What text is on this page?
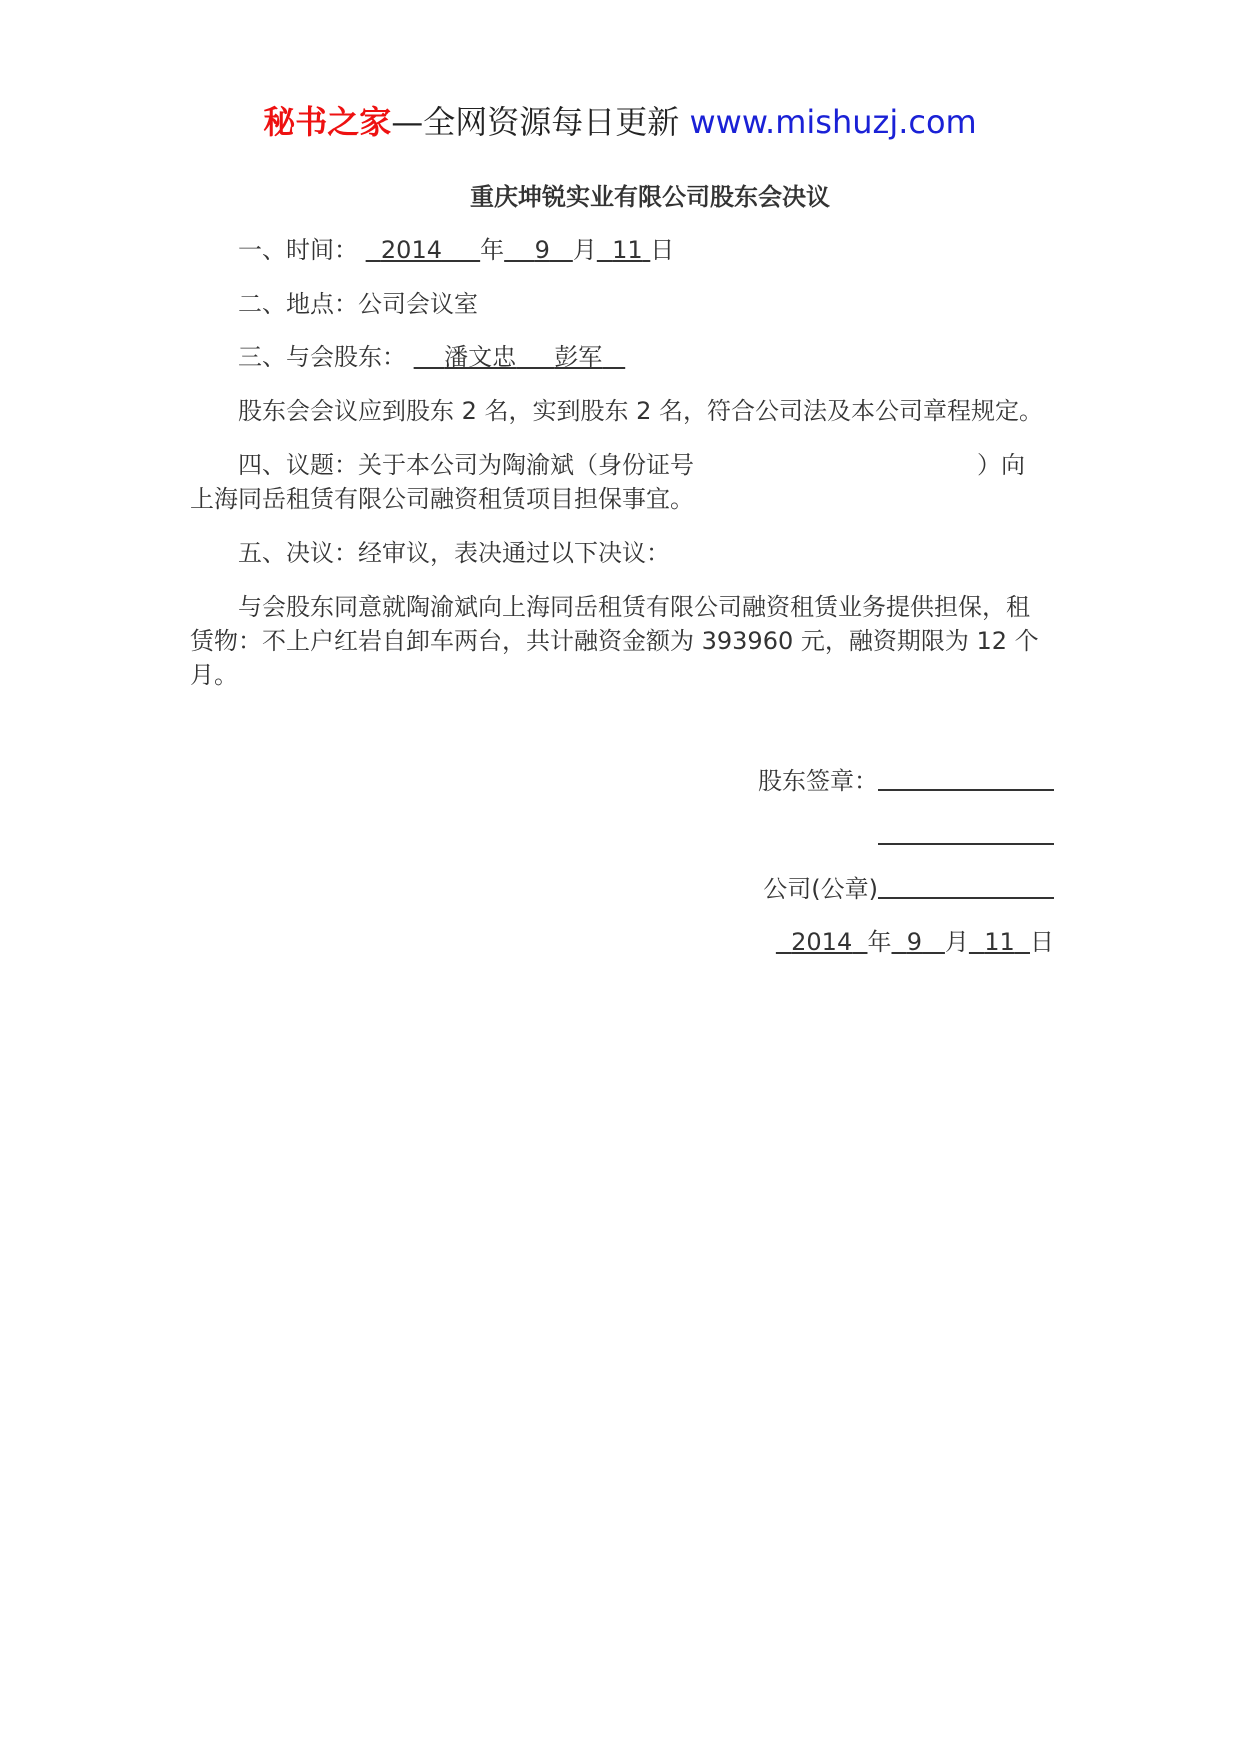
秘书之家—全网资源每日更新 www.mishuzj.com
重庆坤锐实业有限公司股东会决议
一、时间： 2014 年 9 月 11 日
二、地点：公司会议室
三、与会股东： 潘文忠 彭军
股东会会议应到股东 2 名，实到股东 2 名，符合公司法及本公司章程规定。
四、议题：关于本公司为陶渝斌（身份证号	）向
上海同岳租赁有限公司融资租赁项目担保事宜。
五、决议：经审议，表决通过以下决议：
与会股东同意就陶渝斌向上海同岳租赁有限公司融资租赁业务提供担保，租赁物：不上户红岩自卸车两台，共计融资金额为 393960 元，融资期限为 12 个月。
股东签章：
公司(公章)
2014 年 9 月 11 日
